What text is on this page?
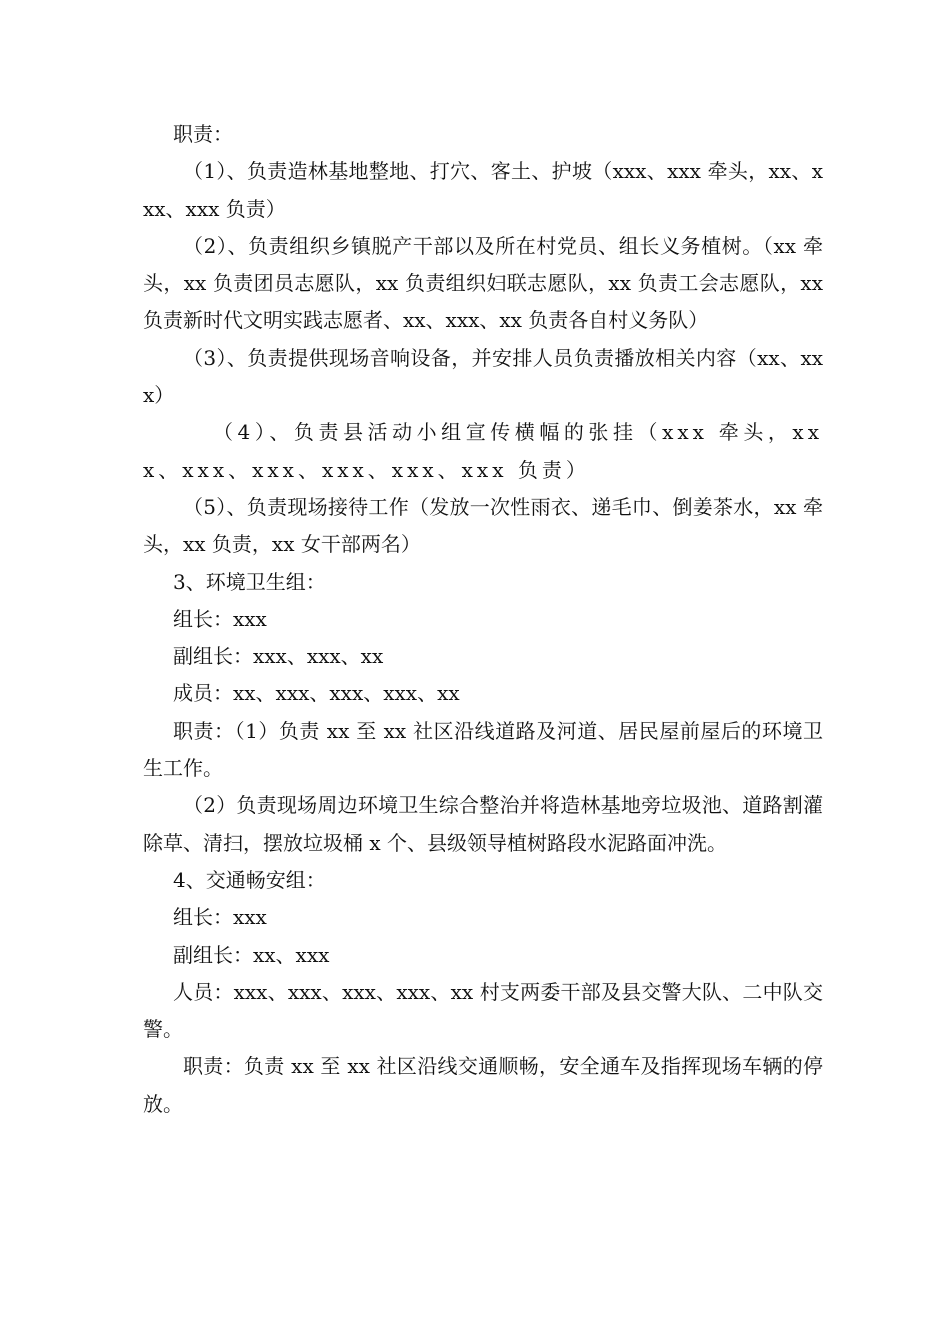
职责：

（1）、负责造林基地整地、打穴、客土、护坡（xxx、xxx 牵头，xx、xxx、xxx 负责）

（2）、负责组织乡镇脱产干部以及所在村党员、组长义务植树。（xx 牵头，xx 负责团员志愿队，xx 负责组织妇联志愿队，xx 负责工会志愿队，xx 负责新时代文明实践志愿者、xx、xxx、xx 负责各自村义务队）

（3）、负责提供现场音响设备，并安排人员负责播放相关内容（xx、xxx）

（4）、负责县活动小组宣传横幅的张挂（xxx 牵头，xxx、xxx、xxx、xxx、xxx、xxx 负责）

（5）、负责现场接待工作（发放一次性雨衣、递毛巾、倒姜茶水，xx 牵头，xx 负责，xx 女干部两名）

3、环境卫生组：

组长：xxx

副组长：xxx、xxx、xx

成员：xx、xxx、xxx、xxx、xx

职责：（1）负责 xx 至 xx 社区沿线道路及河道、居民屋前屋后的环境卫生工作。

（2）负责现场周边环境卫生综合整治并将造林基地旁垃圾池、道路割灌除草、清扫，摆放垃圾桶 x 个、县级领导植树路段水泥路面冲洗。

4、交通畅安组：

组长：xxx

副组长：xx、xxx

人员：xxx、xxx、xxx、xxx、xx 村支两委干部及县交警大队、二中队交警。

职责：负责 xx 至 xx 社区沿线交通顺畅，安全通车及指挥现场车辆的停放。
